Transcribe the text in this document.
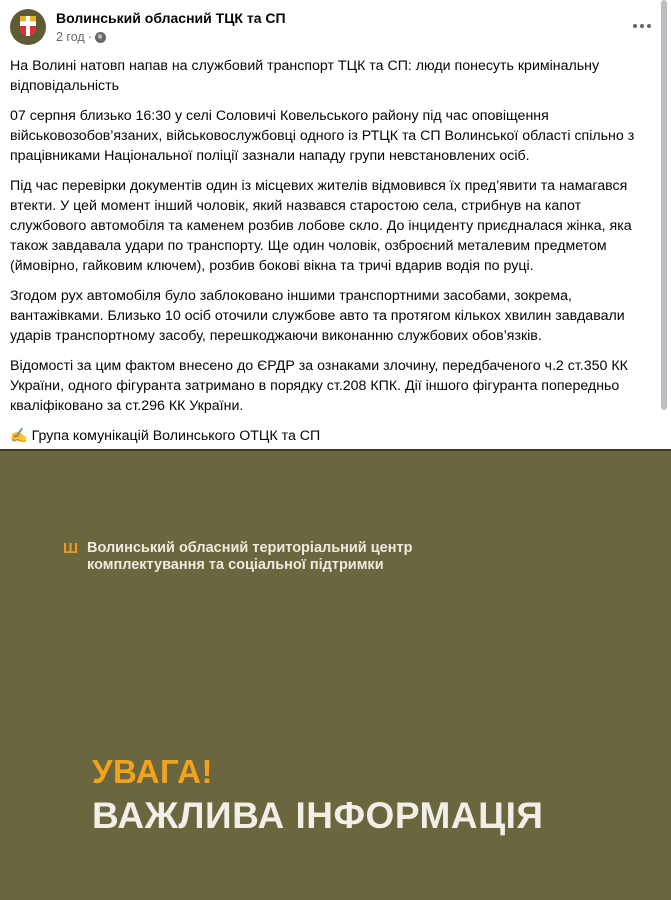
Волинський обласний ТЦК та СП
2 год ·

На Волині натовп напав на службовий транспорт ТЦК та СП: люди понесуть кримінальну відповідальність

07 серпня близько 16:30 у селі Соловичі Ковельського району під час оповіщення військовозобов’язаних, військовослужбовці одного із РТЦК та СП Волинської області спільно з працівниками Національної поліції зазнали нападу групи невстановлених осіб.

Під час перевірки документів один із місцевих жителів відмовився їх пред’явити та намагався втекти. У цей момент інший чоловік, який назвався старостою села, стрибнув на капот службового автомобіля та каменем розбив лобове скло. До інциденту приєдналася жінка, яка також завдавала удари по транспорту. Ще один чоловік, озброєний металевим предметом (ймовірно, гайковим ключем), розбив бокові вікна та тричі вдарив водія по руці.

Згодом рух автомобіля було заблоковано іншими транспортними засобами, зокрема, вантажівками. Близько 10 осіб оточили службове авто та протягом кількох хвилин завдавали ударів транспортному засобу, перешкоджаючи виконанню службових обов’язків.

Відомості за цим фактом внесено до ЄРДР за ознаками злочину, передбаченого ч.2 ст.350 КК України, одного фігуранта затримано в порядку ст.208 КПК. Дії іншого фігуранта попередньо кваліфіковано за ст.296 КК України.

✍ Група комунікацій Волинського ОТЦК та СП

Ш Волинський обласний територіальний центр
комплектування та соціальної підтримки
УВАГА!
ВАЖЛИВА ІНФОРМАЦІЯ
